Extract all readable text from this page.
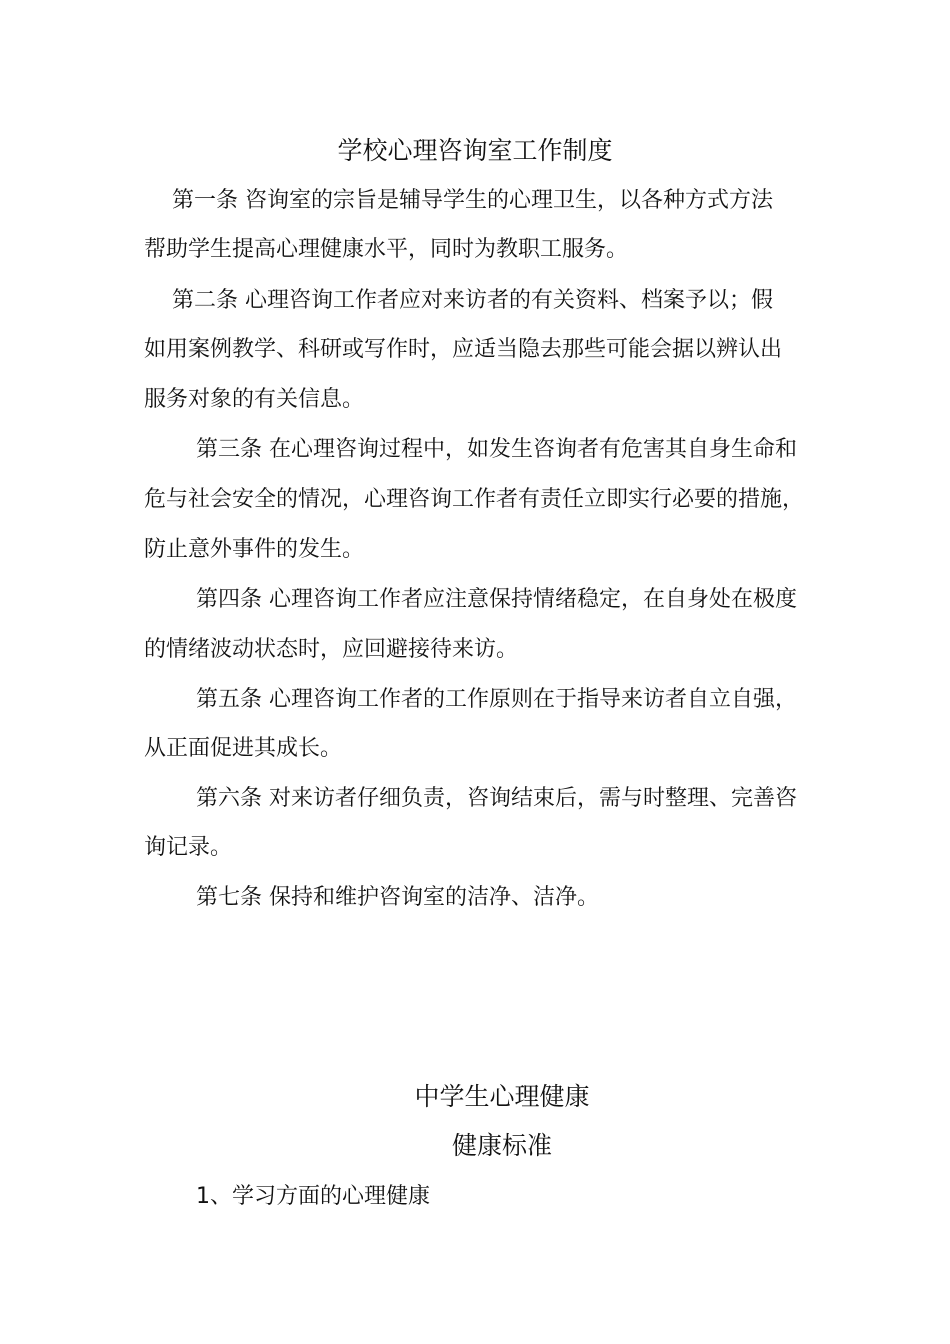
学校心理咨询室工作制度
第一条 咨询室的宗旨是辅导学生的心理卫生，以各种方式方法
帮助学生提高心理健康水平，同时为教职工服务。
第二条 心理咨询工作者应对来访者的有关资料、档案予以；假
如用案例教学、科研或写作时，应适当隐去那些可能会据以辨认出
服务对象的有关信息。
第三条 在心理咨询过程中，如发生咨询者有危害其自身生命和
危与社会安全的情况，心理咨询工作者有责任立即实行必要的措施，
防止意外事件的发生。
第四条 心理咨询工作者应注意保持情绪稳定，在自身处在极度
的情绪波动状态时，应回避接待来访。
第五条 心理咨询工作者的工作原则在于指导来访者自立自强，
从正面促进其成长。
第六条 对来访者仔细负责，咨询结束后，需与时整理、完善咨
询记录。
第七条 保持和维护咨询室的洁净、洁净。
中学生心理健康
健康标准
1、学习方面的心理健康
